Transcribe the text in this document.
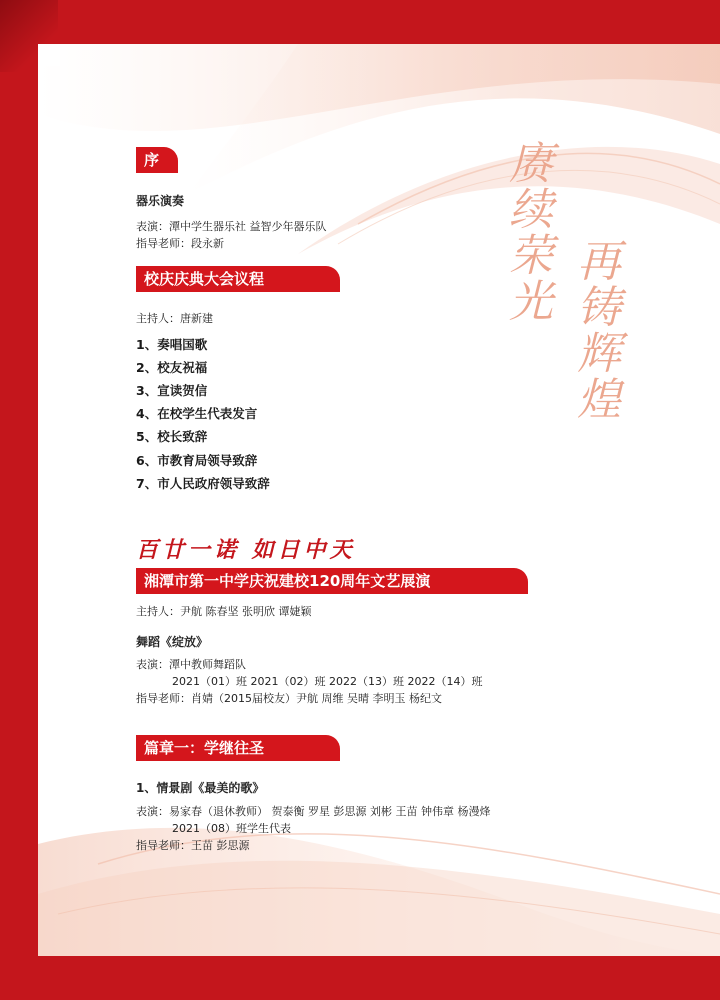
序
器乐演奏
表演：潭中学生器乐社 益智少年器乐队
指导老师：段永新
校庆庆典大会议程
主持人：唐新建
1、奏唱国歌
2、校友祝福
3、宣读贺信
4、在校学生代表发言
5、校长致辞
6、市教育局领导致辞
7、市人民政府领导致辞
赓续荣光
再铸辉煌
百廿一诺 如日中天
湘潭市第一中学庆祝建校120周年文艺展演
主持人：尹航 陈春坚 张明欣 谭婕颖
舞蹈《绽放》
表演：潭中教师舞蹈队
2021（01）班 2021（02）班 2022（13）班 2022（14）班
指导老师：肖婧（2015届校友）尹航 周维 吴晴 李明玉 杨纪文
篇章一：学继往圣
1、情景剧《最美的歌》
表演：易家春（退休教师） 贺泰衡 罗星 彭思源 刘彬 王苗 钟伟章 杨漫烽
2021（08）班学生代表
指导老师：王苗 彭思源
